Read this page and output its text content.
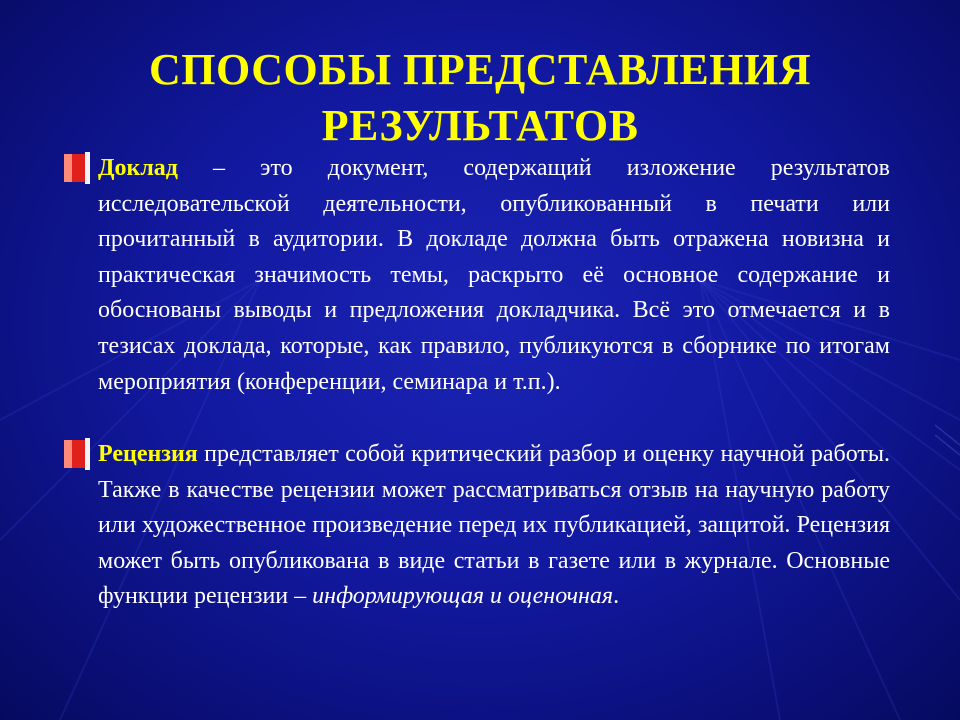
СПОСОБЫ ПРЕДСТАВЛЕНИЯ
РЕЗУЛЬТАТОВ

Доклад – это документ, содержащий изложение результатов исследовательской деятельности, опубликованный в печати или прочитанный в аудитории. В докладе должна быть отражена новизна и практическая значимость темы, раскрыто её основное содержание и обоснованы выводы и предложения докладчика. Всё это отмечается и в тезисах доклада, которые, как правило, публикуются в сборнике по итогам мероприятия (конференции, семинара и т.п.).

Рецензия представляет собой критический разбор и оценку научной работы. Также в качестве рецензии может рассматриваться отзыв на научную работу или художественное произведение перед их публикацией, защитой. Рецензия может быть опубликована в виде статьи в газете или в журнале. Основные функции рецензии – информирующая и оценочная.
